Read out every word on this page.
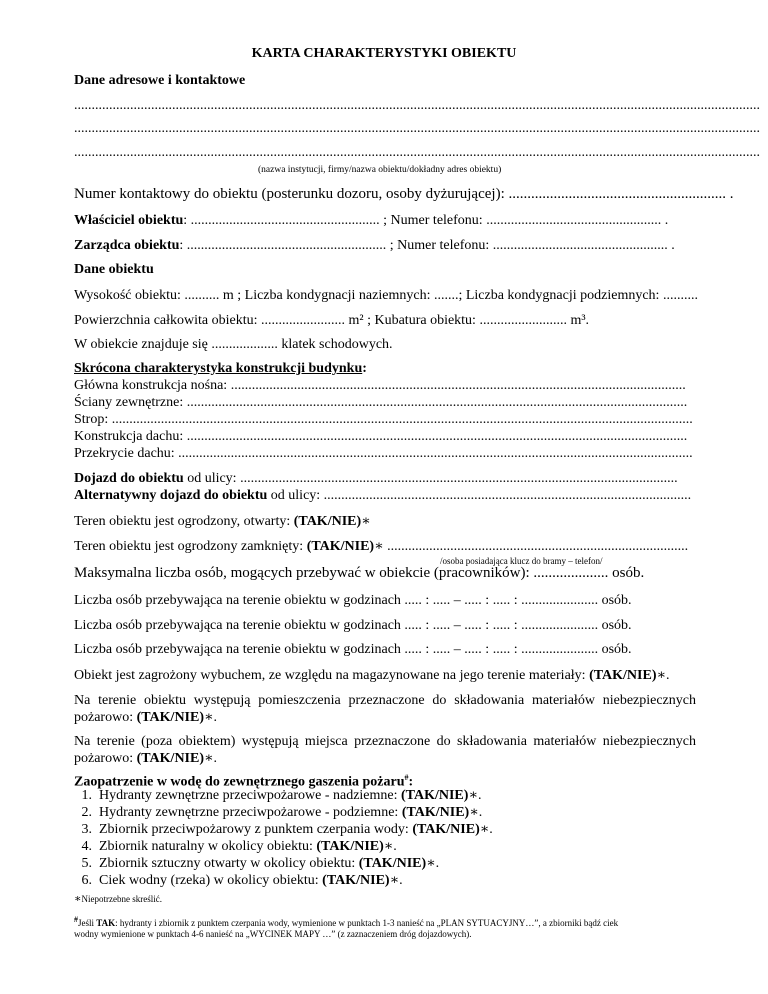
KARTA CHARAKTERYSTYKI OBIEKTU
Dane adresowe i kontaktowe
....................................................................................................................................................................................................
....................................................................................................................................................................................................
....................................................................................................................................................................................................
(nazwa instytucji, firmy/nazwa obiektu/dokładny adres obiektu)
Numer kontaktowy do obiektu (posterunku dozoru, osoby dyżurującej): .......................................................... .
Właściciel obiektu: ...................................................... ; Numer telefonu: .................................................. .
Zarządca obiektu: ......................................................... ; Numer telefonu: .................................................. .
Dane obiektu
Wysokość obiektu: .......... m ; Liczba kondygnacji naziemnych: .......; Liczba kondygnacji podziemnych: ..........
Powierzchnia całkowita obiektu: ........................ m² ; Kubatura obiektu: ......................... m³.
W obiekcie znajduje się ................... klatek schodowych.
Skrócona charakterystyka konstrukcji budynku:
Główna konstrukcja nośna: ..................................................................................................................................
Ściany zewnętrzne: ...............................................................................................................................................
Strop: ......................................................................................................................................................................
Konstrukcja dachu: ...............................................................................................................................................
Przekrycie dachu: ...................................................................................................................................................
Dojazd do obiektu od ulicy: .............................................................................................................................
Alternatywny dojazd do obiektu od ulicy: .........................................................................................................
Teren obiektu jest ogrodzony, otwarty: (TAK/NIE)∗
Teren obiektu jest ogrodzony zamknięty: (TAK/NIE)∗ ......................................................................................
/osoba posiadająca klucz do bramy – telefon/
Maksymalna liczba osób, mogących przebywać w obiekcie (pracowników): .................... osób.
Liczba osób przebywająca na terenie obiektu w godzinach ..... : ..... – ..... : ..... : ...................... osób.
Liczba osób przebywająca na terenie obiektu w godzinach ..... : ..... – ..... : ..... : ...................... osób.
Liczba osób przebywająca na terenie obiektu w godzinach ..... : ..... – ..... : ..... : ...................... osób.
Obiekt jest zagrożony wybuchem, ze względu na magazynowane na jego terenie materiały: (TAK/NIE)∗.
Na terenie obiektu występują pomieszczenia przeznaczone do składowania materiałów niebezpiecznych pożarowo: (TAK/NIE)∗.
Na terenie (poza obiektem) występują miejsca przeznaczone do składowania materiałów niebezpiecznych pożarowo: (TAK/NIE)∗.
Zaopatrzenie w wodę do zewnętrznego gaszenia pożaru#:
1. Hydranty zewnętrzne przeciwpożarowe - nadziemne: (TAK/NIE)∗.
2. Hydranty zewnętrzne przeciwpożarowe - podziemne: (TAK/NIE)∗.
3. Zbiornik przeciwpożarowy z punktem czerpania wody: (TAK/NIE)∗.
4. Zbiornik naturalny w okolicy obiektu: (TAK/NIE)∗.
5. Zbiornik sztuczny otwarty w okolicy obiektu: (TAK/NIE)∗.
6. Ciek wodny (rzeka) w okolicy obiektu: (TAK/NIE)∗.
∗Niepotrzebne skreślić.
#Jeśli TAK: hydranty i zbiornik z punktem czerpania wody, wymienione w punktach 1-3 nanieść na „PLAN SYTUACYJNY…”, a zbiorniki bądź ciek
wodny wymienione w punktach 4-6 nanieść na „WYCINEK MAPY …” (z zaznaczeniem dróg dojazdowych).
